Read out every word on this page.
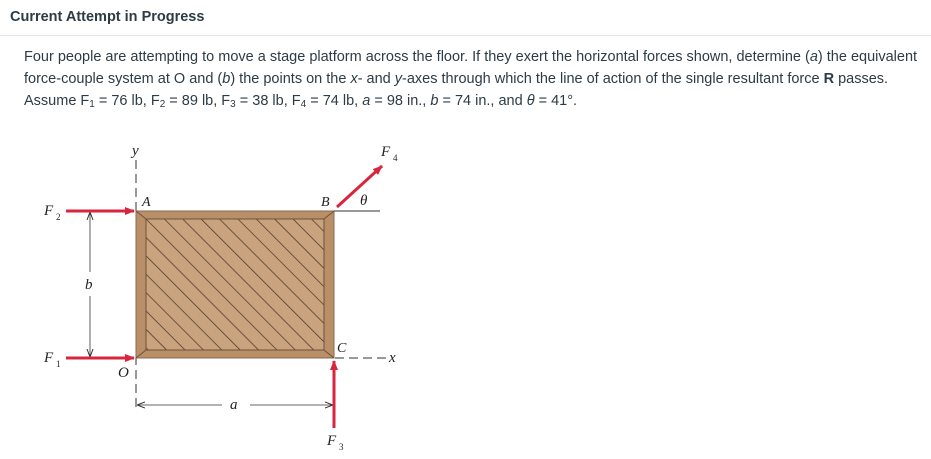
Current Attempt in Progress

Four people are attempting to move a stage platform across the floor. If they exert the horizontal forces shown, determine (a) the equivalent force-couple system at O and (b) the points on the x- and y-axes through which the line of action of the single resultant force R passes.

Assume $F_1 = 76$ lb, $F_2 = 89$ lb, $F_3 = 38$ lb, $F_4 = 74$ lb, a = 98 in., b = 74 in., and θ = 41°.

y
x
A	B
C
O
a
b
θ
F 1
F 2
F 3
F 4
